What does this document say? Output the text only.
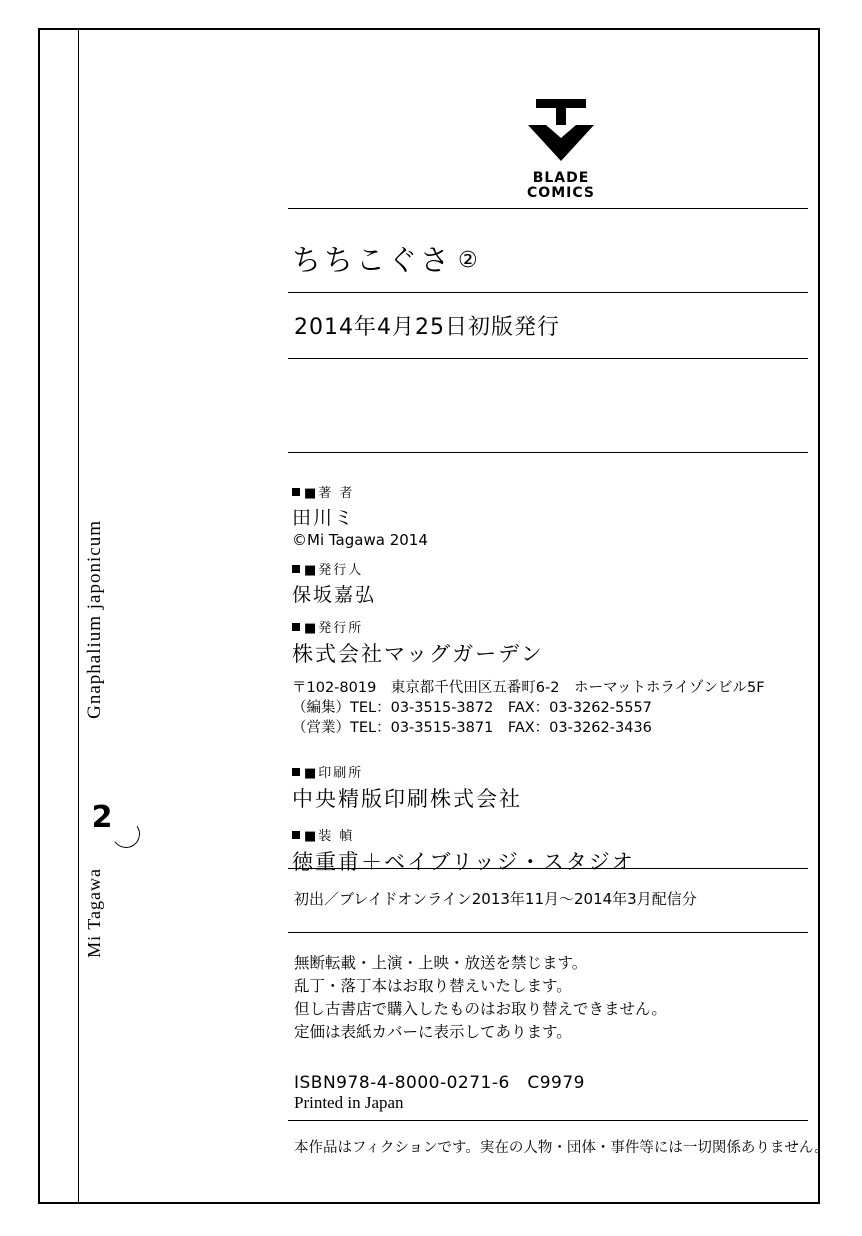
Gnaphalium japonicum
2
Mi Tagawa
BLADE
COMICS
ちちこぐさ ②
2014年4月25日初版発行
■著 者
田川ミ
©Mi Tagawa 2014
■発行人
保坂嘉弘
■発行所
株式会社マッグガーデン
〒102-8019　東京都千代田区五番町6-2　ホーマットホライゾンビル5F
（編集）TEL：03-3515-3872　FAX：03-3262-5557
（営業）TEL：03-3515-3871　FAX：03-3262-3436
■印刷所
中央精版印刷株式会社
■装 幀
徳重甫＋ベイブリッジ・スタジオ
初出／ブレイドオンライン2013年11月〜2014年3月配信分
無断転載・上演・上映・放送を禁じます。
乱丁・落丁本はお取り替えいたします。
但し古書店で購入したものはお取り替えできません。
定価は表紙カバーに表示してあります。
ISBN978-4-8000-0271-6　C9979
Printed in Japan
本作品はフィクションです。実在の人物・団体・事件等には一切関係ありません。
